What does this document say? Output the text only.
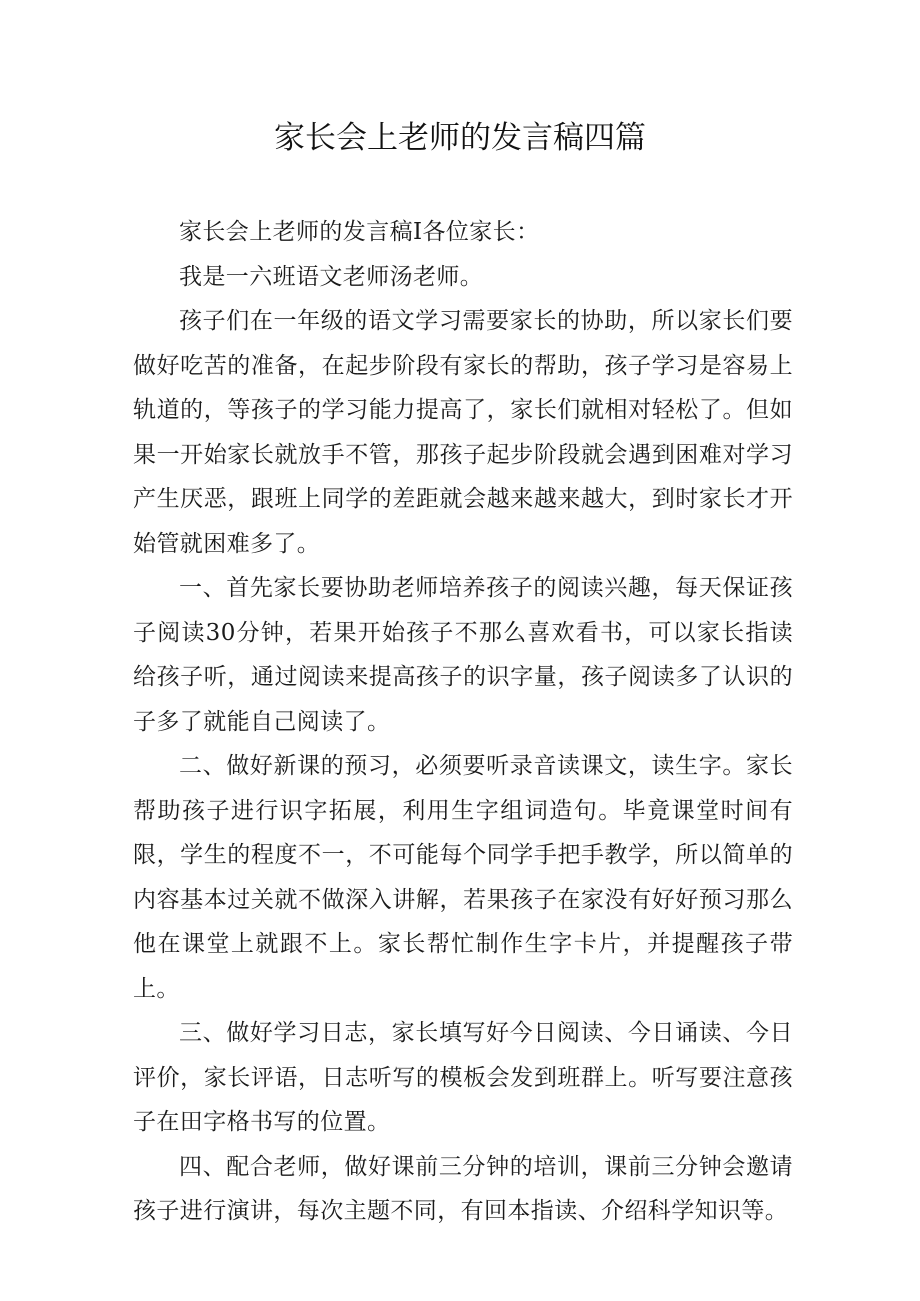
家长会上老师的发言稿四篇

家长会上老师的发言稿Ⅰ各位家长：

我是一六班语文老师汤老师。

孩子们在一年级的语文学习需要家长的协助，所以家长们要做好吃苦的准备，在起步阶段有家长的帮助，孩子学习是容易上轨道的，等孩子的学习能力提高了，家长们就相对轻松了。但如果一开始家长就放手不管，那孩子起步阶段就会遇到困难对学习产生厌恶，跟班上同学的差距就会越来越来越大，到时家长才开始管就困难多了。

一、首先家长要协助老师培养孩子的阅读兴趣，每天保证孩子阅读30分钟，若果开始孩子不那么喜欢看书，可以家长指读给孩子听，通过阅读来提高孩子的识字量，孩子阅读多了认识的子多了就能自己阅读了。

二、做好新课的预习，必须要听录音读课文，读生字。家长帮助孩子进行识字拓展，利用生字组词造句。毕竟课堂时间有限，学生的程度不一，不可能每个同学手把手教学，所以简单的内容基本过关就不做深入讲解，若果孩子在家没有好好预习那么他在课堂上就跟不上。家长帮忙制作生字卡片，并提醒孩子带上。

三、做好学习日志，家长填写好今日阅读、今日诵读、今日评价，家长评语，日志听写的模板会发到班群上。听写要注意孩子在田字格书写的位置。

四、配合老师，做好课前三分钟的培训，课前三分钟会邀请孩子进行演讲，每次主题不同，有回本指读、介绍科学知识等。
